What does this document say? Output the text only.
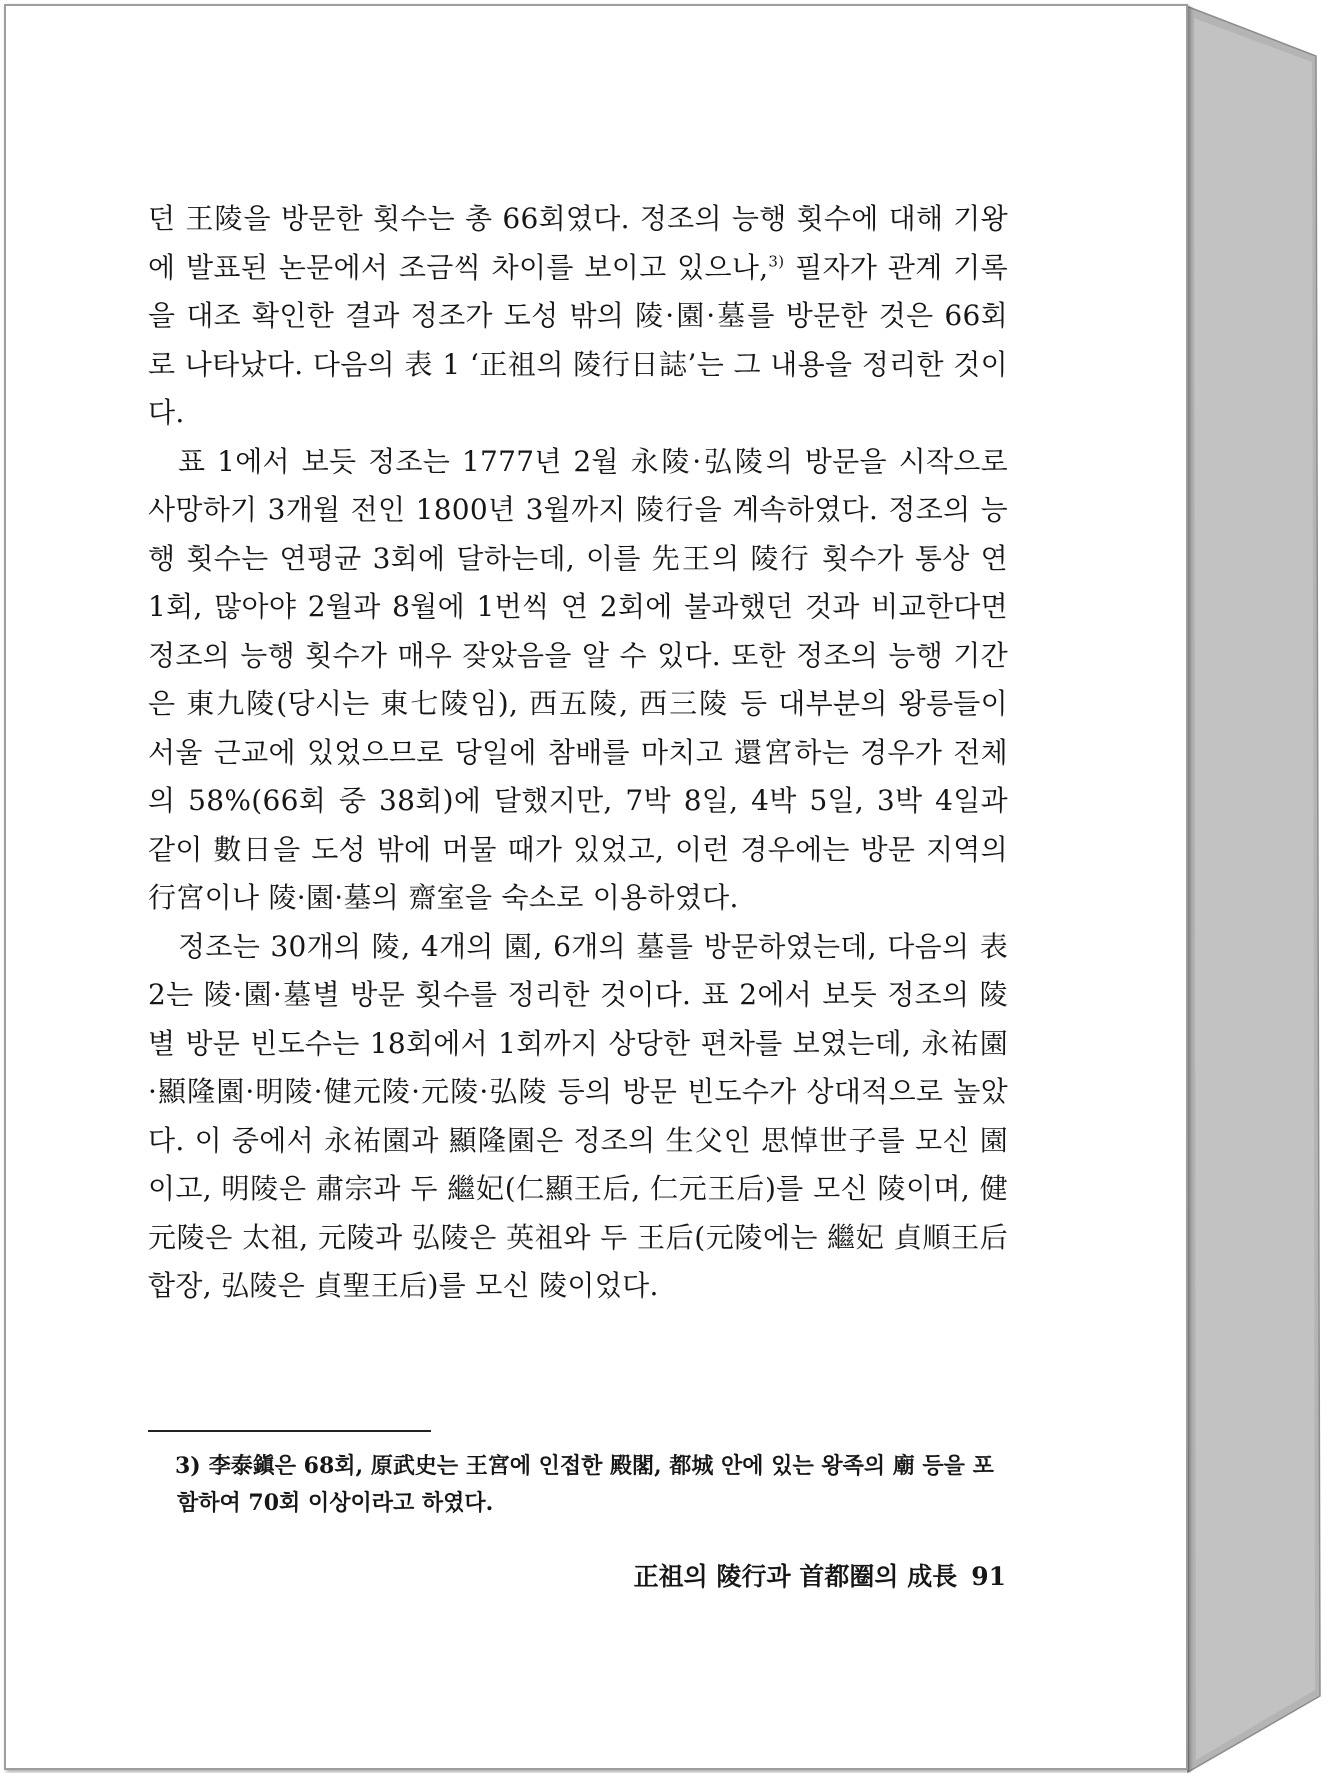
던 王陵을 방문한 횟수는 총 66회였다. 정조의 능행 횟수에 대해 기왕에 발표된 논문에서 조금씩 차이를 보이고 있으나,$^{3)}$ 필자가 관계 기록을 대조 확인한 결과 정조가 도성 밖의 陵·園·墓를 방문한 것은 66회로 나타났다. 다음의 表 1 ‘正祖의 陵行日誌’는 그 내용을 정리한 것이다.

표 1에서 보듯 정조는 1777년 2월 永陵·弘陵의 방문을 시작으로 사망하기 3개월 전인 1800년 3월까지 陵行을 계속하였다. 정조의 능행 횟수는 연평균 3회에 달하는데, 이를 先王의 陵行 횟수가 통상 연 1회, 많아야 2월과 8월에 1번씩 연 2회에 불과했던 것과 비교한다면 정조의 능행 횟수가 매우 잦았음을 알 수 있다. 또한 정조의 능행 기간은 東九陵(당시는 東七陵임), 西五陵, 西三陵 등 대부분의 왕릉들이 서울 근교에 있었으므로 당일에 참배를 마치고 還宮하는 경우가 전체의 58%(66회 중 38회)에 달했지만, 7박 8일, 4박 5일, 3박 4일과 같이 數日을 도성 밖에 머물 때가 있었고, 이런 경우에는 방문 지역의 行宮이나 陵·園·墓의 齋室을 숙소로 이용하였다.

정조는 30개의 陵, 4개의 園, 6개의 墓를 방문하였는데, 다음의 表 2는 陵·園·墓별 방문 횟수를 정리한 것이다. 표 2에서 보듯 정조의 陵별 방문 빈도수는 18회에서 1회까지 상당한 편차를 보였는데, 永祐園·顯隆園·明陵·健元陵·元陵·弘陵 등의 방문 빈도수가 상대적으로 높았다. 이 중에서 永祐園과 顯隆園은 정조의 生父인 思悼世子를 모신 園이고, 明陵은 肅宗과 두 繼妃(仁顯王后, 仁元王后)를 모신 陵이며, 健元陵은 太祖, 元陵과 弘陵은 英祖와 두 王后(元陵에는 繼妃 貞順王后 합장, 弘陵은 貞聖王后)를 모신 陵이었다.

3) 李泰鎭은 68회, 原武史는 王宮에 인접한 殿閣, 都城 안에 있는 왕족의 廟 등을 포함하여 70회 이상이라고 하였다.
正祖의 陵行과 首都圈의 成長 91
